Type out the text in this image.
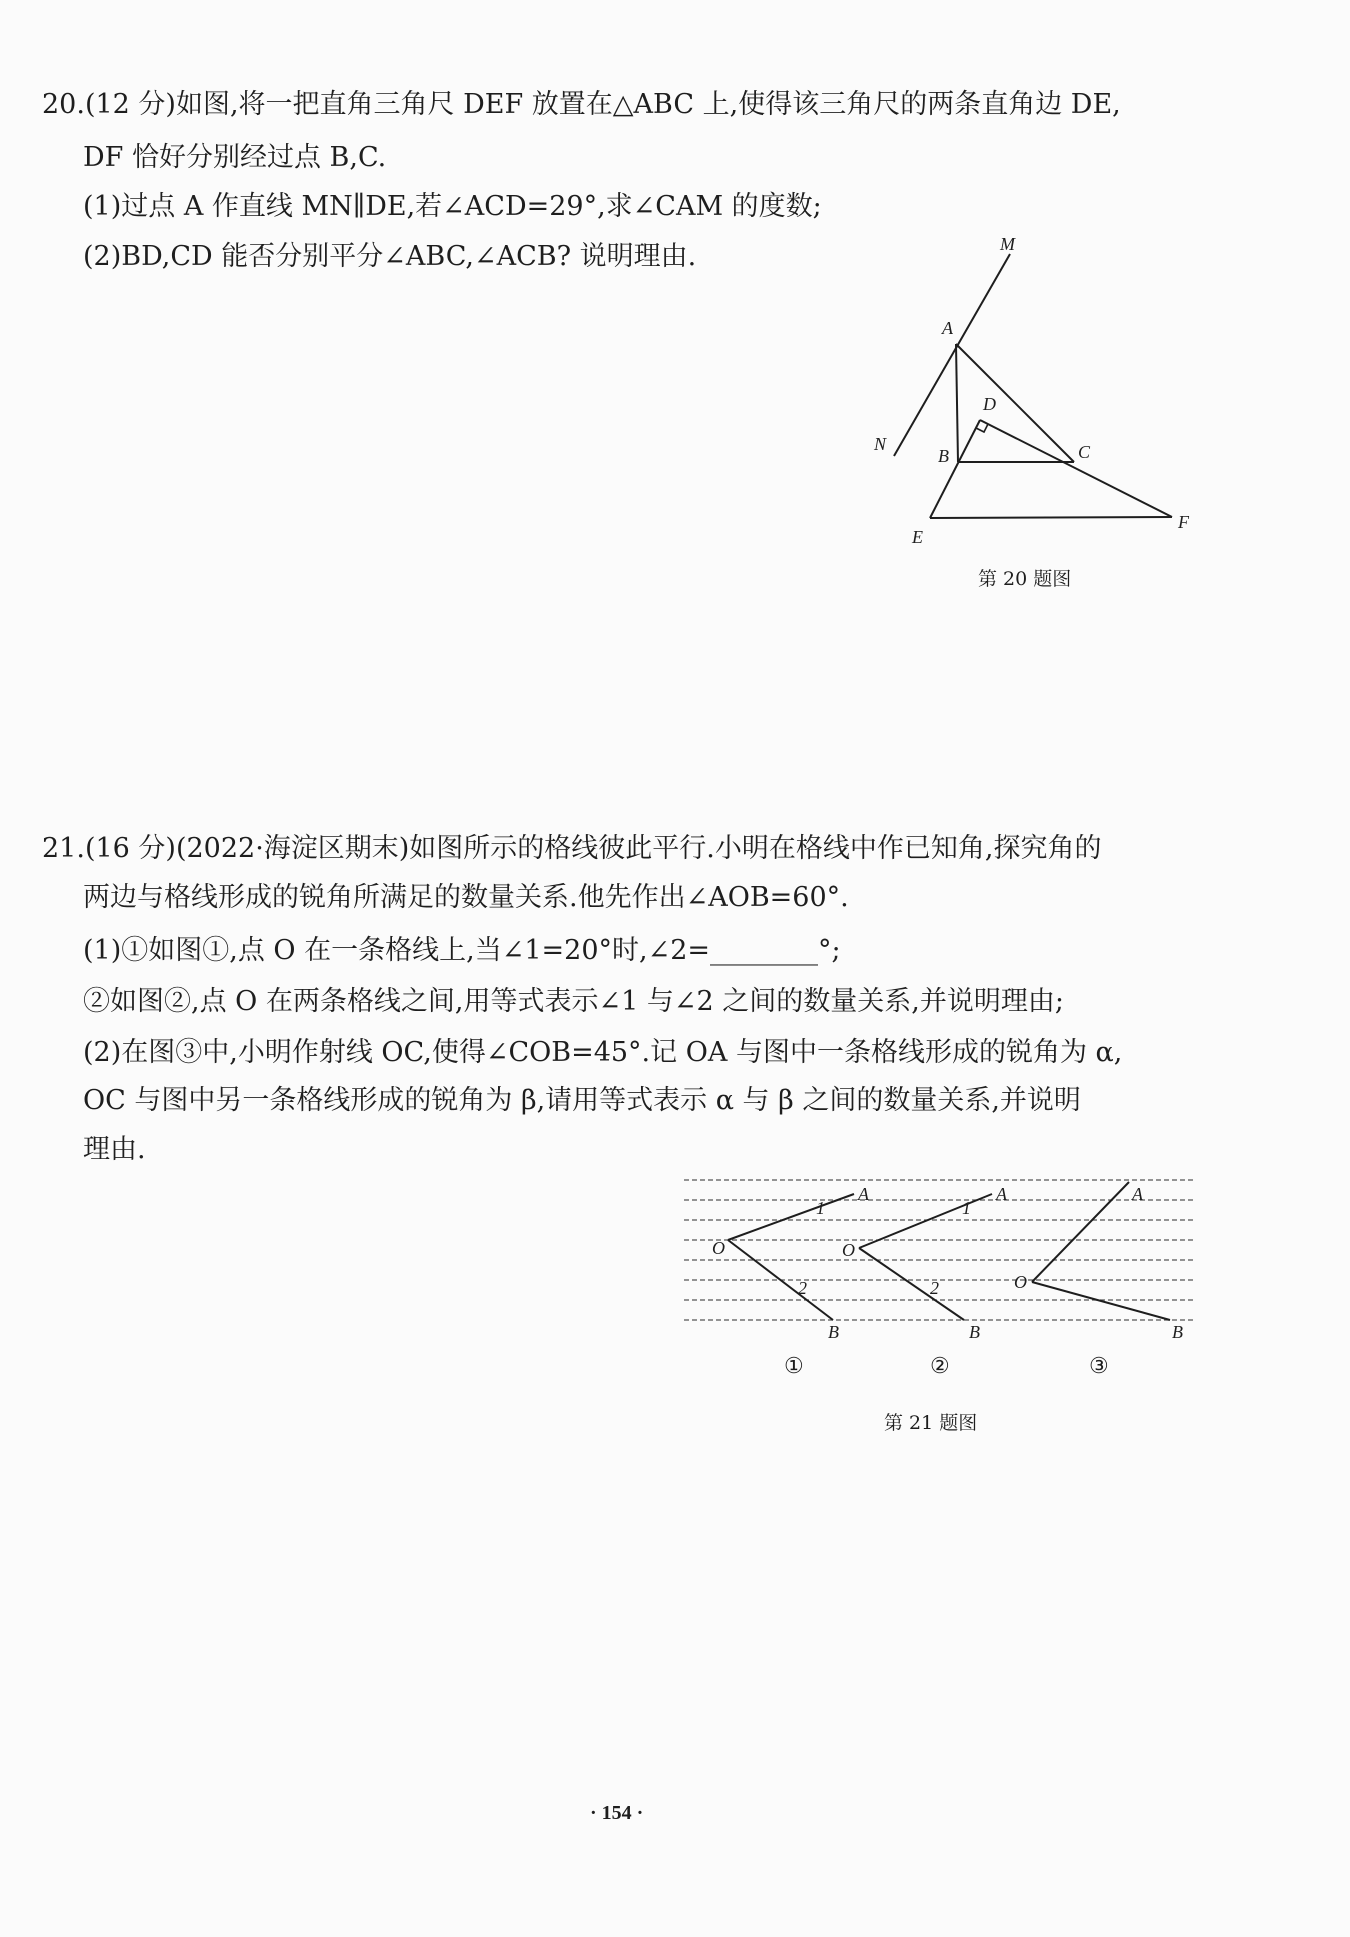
20.(12 分)如图,将一把直角三角尺 DEF 放置在△ABC 上,使得该三角尺的两条直角边 DE,
DF 恰好分别经过点 B,C.
(1)过点 A 作直线 MN∥DE,若∠ACD=29°,求∠CAM 的度数;
(2)BD,CD 能否分别平分∠ABC,∠ACB? 说明理由.	M
A
D
N
B	C
E
F
第 20 题图
21.(16 分)(2022·海淀区期末)如图所示的格线彼此平行.小明在格线中作已知角,探究角的
两边与格线形成的锐角所满足的数量关系.他先作出∠AOB=60°.
(1)①如图①,点 O 在一条格线上,当∠1=20°时,∠2=________°;
②如图②,点 O 在两条格线之间,用等式表示∠1 与∠2 之间的数量关系,并说明理由;
(2)在图③中,小明作射线 OC,使得∠COB=45°.记 OA 与图中一条格线形成的锐角为 α,
OC 与图中另一条格线形成的锐角为 β,请用等式表示 α 与 β 之间的数量关系,并说明
理由.
A
O
B
1
2
A
O
B
1
2
A
O
B
①	②	③
第 21 题图
· 154 ·
